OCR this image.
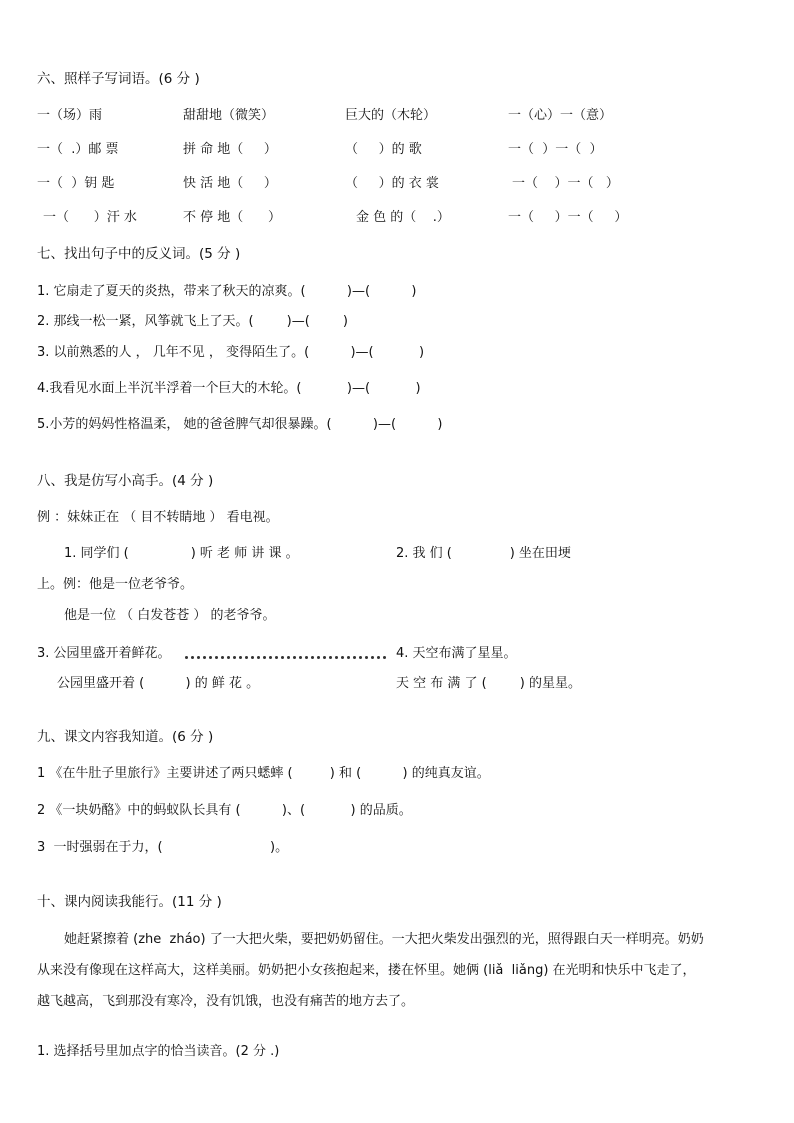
六、照样子写词语。(6 分 )
一（场）雨	甜甜地（微笑）	巨大的（木轮）	一（心）一（意）
一（  .）邮 票	拼 命 地（     ）	（     ）的 歌	一（  ）一（  ）
一（  ）钥 匙	快 活 地（     ）	（     ）的 衣 裳	一（    ）一（   ）
一（      ）汗 水	不 停 地（      ）	金 色 的（    .）	一（     ）一（     ）
七、找出句子中的反义词。(5 分 )
1. 它扇走了夏天的炎热，带来了秋天的凉爽。(          )—(          )
2. 那线一松一紧，风筝就飞上了天。(        )—(        )
3. 以前熟悉的人 ， 几年不见 ， 变得陌生了。(          )—(           )
4.我看见水面上半沉半浮着一个巨大的木轮。(           )—(           )
5.小芳的妈妈性格温柔， 她的爸爸脾气却很暴躁。(          )—(          )
八、我是仿写小高手。(4 分 )
例 ：妹妹正在 （ 目不转睛地 ） 看电视。
1. 同学们 (               ) 听 老 师 讲 课 。	2. 我 们 (              ) 坐在田埂
上。例：他是一位老爷爷。
他是一位 （ 白发苍苍 ） 的老爷爷。
3. 公园里盛开着鲜花。	4. 天空布满了星星。
公园里盛开着 (          ) 的 鲜 花 。	天 空 布 满 了 (        ) 的星星。
九、课文内容我知道。(6 分 )
1 《在牛肚子里旅行》主要讲述了两只蟋蟀 (         ) 和 (          ) 的纯真友谊。
2 《一块奶酪》中的蚂蚁队长具有 (          )、(           ) 的品质。
3  一时强弱在于力，(                          )。
十、课内阅读我能行。(11 分 )
她赶紧擦着 (zhe  zháo) 了一大把火柴，要把奶奶留住。一大把火柴发出强烈的光，照得跟白天一样明亮。奶奶
从来没有像现在这样高大，这样美丽。奶奶把小女孩抱起来，搂在怀里。她俩 (liǎ  liǎng) 在光明和快乐中飞走了，
越飞越高，飞到那没有寒冷，没有饥饿，也没有痛苦的地方去了。
1. 选择括号里加点字的恰当读音。(2 分 .)
